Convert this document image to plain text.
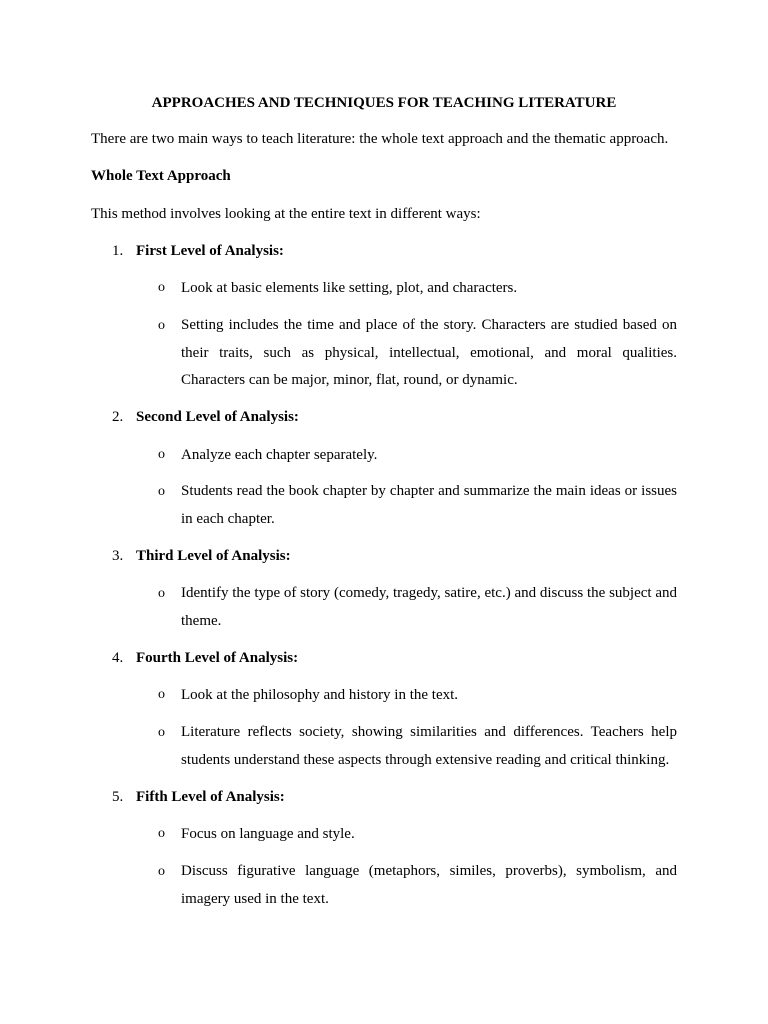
APPROACHES AND TECHNIQUES FOR TEACHING LITERATURE
There are two main ways to teach literature: the whole text approach and the thematic approach.
Whole Text Approach
This method involves looking at the entire text in different ways:
1. First Level of Analysis:
o	Look at basic elements like setting, plot, and characters.
o	Setting includes the time and place of the story. Characters are studied based on their traits, such as physical, intellectual, emotional, and moral qualities. Characters can be major, minor, flat, round, or dynamic.
2. Second Level of Analysis:
o	Analyze each chapter separately.
o	Students read the book chapter by chapter and summarize the main ideas or issues in each chapter.
3. Third Level of Analysis:
o	Identify the type of story (comedy, tragedy, satire, etc.) and discuss the subject and theme.
4. Fourth Level of Analysis:
o	Look at the philosophy and history in the text.
o	Literature reflects society, showing similarities and differences. Teachers help students understand these aspects through extensive reading and critical thinking.
5. Fifth Level of Analysis:
o	Focus on language and style.
o	Discuss figurative language (metaphors, similes, proverbs), symbolism, and imagery used in the text.
